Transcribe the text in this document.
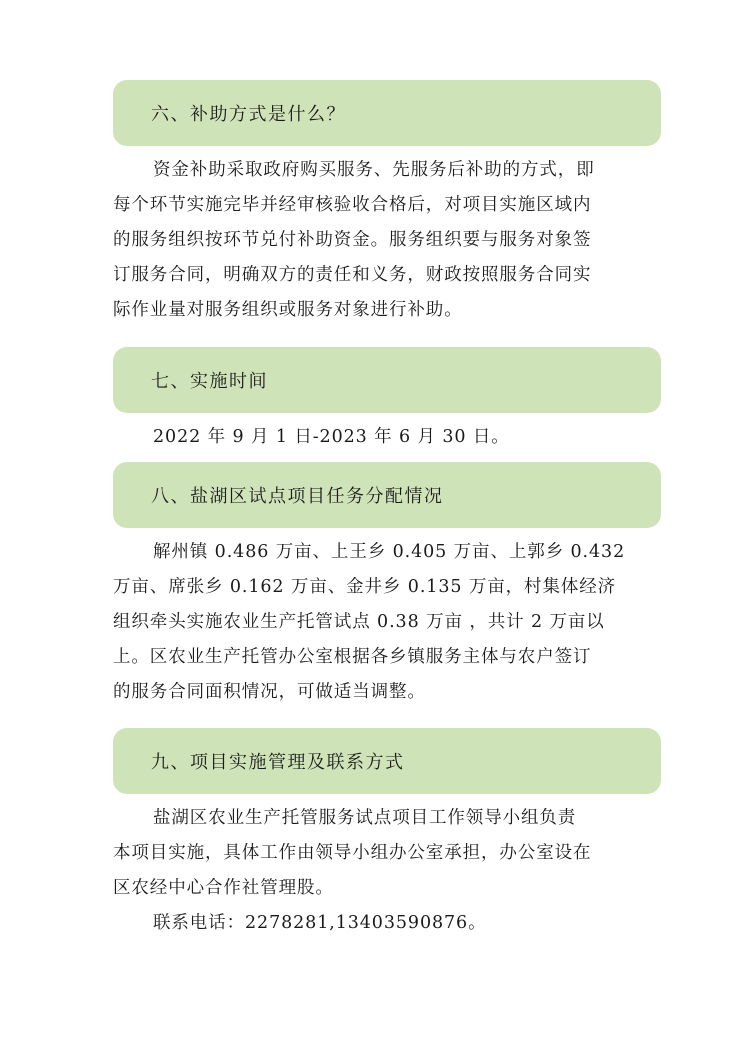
六、补助方式是什么？
资金补助采取政府购买服务、先服务后补助的方式，即
每个环节实施完毕并经审核验收合格后，对项目实施区域内
的服务组织按环节兑付补助资金。服务组织要与服务对象签
订服务合同，明确双方的责任和义务，财政按照服务合同实
际作业量对服务组织或服务对象进行补助。
七、实施时间
2022 年 9 月 1 日-2023 年 6 月 30 日。
八、盐湖区试点项目任务分配情况
解州镇 0.486 万亩、上王乡 0.405 万亩、上郭乡 0.432
万亩、席张乡 0.162 万亩、金井乡 0.135 万亩，村集体经济
组织牵头实施农业生产托管试点 0.38 万亩 ，共计 2 万亩以
上。区农业生产托管办公室根据各乡镇服务主体与农户签订
的服务合同面积情况，可做适当调整。
九、项目实施管理及联系方式
盐湖区农业生产托管服务试点项目工作领导小组负责
本项目实施，具体工作由领导小组办公室承担，办公室设在
区农经中心合作社管理股。
联系电话：2278281,13403590876。
